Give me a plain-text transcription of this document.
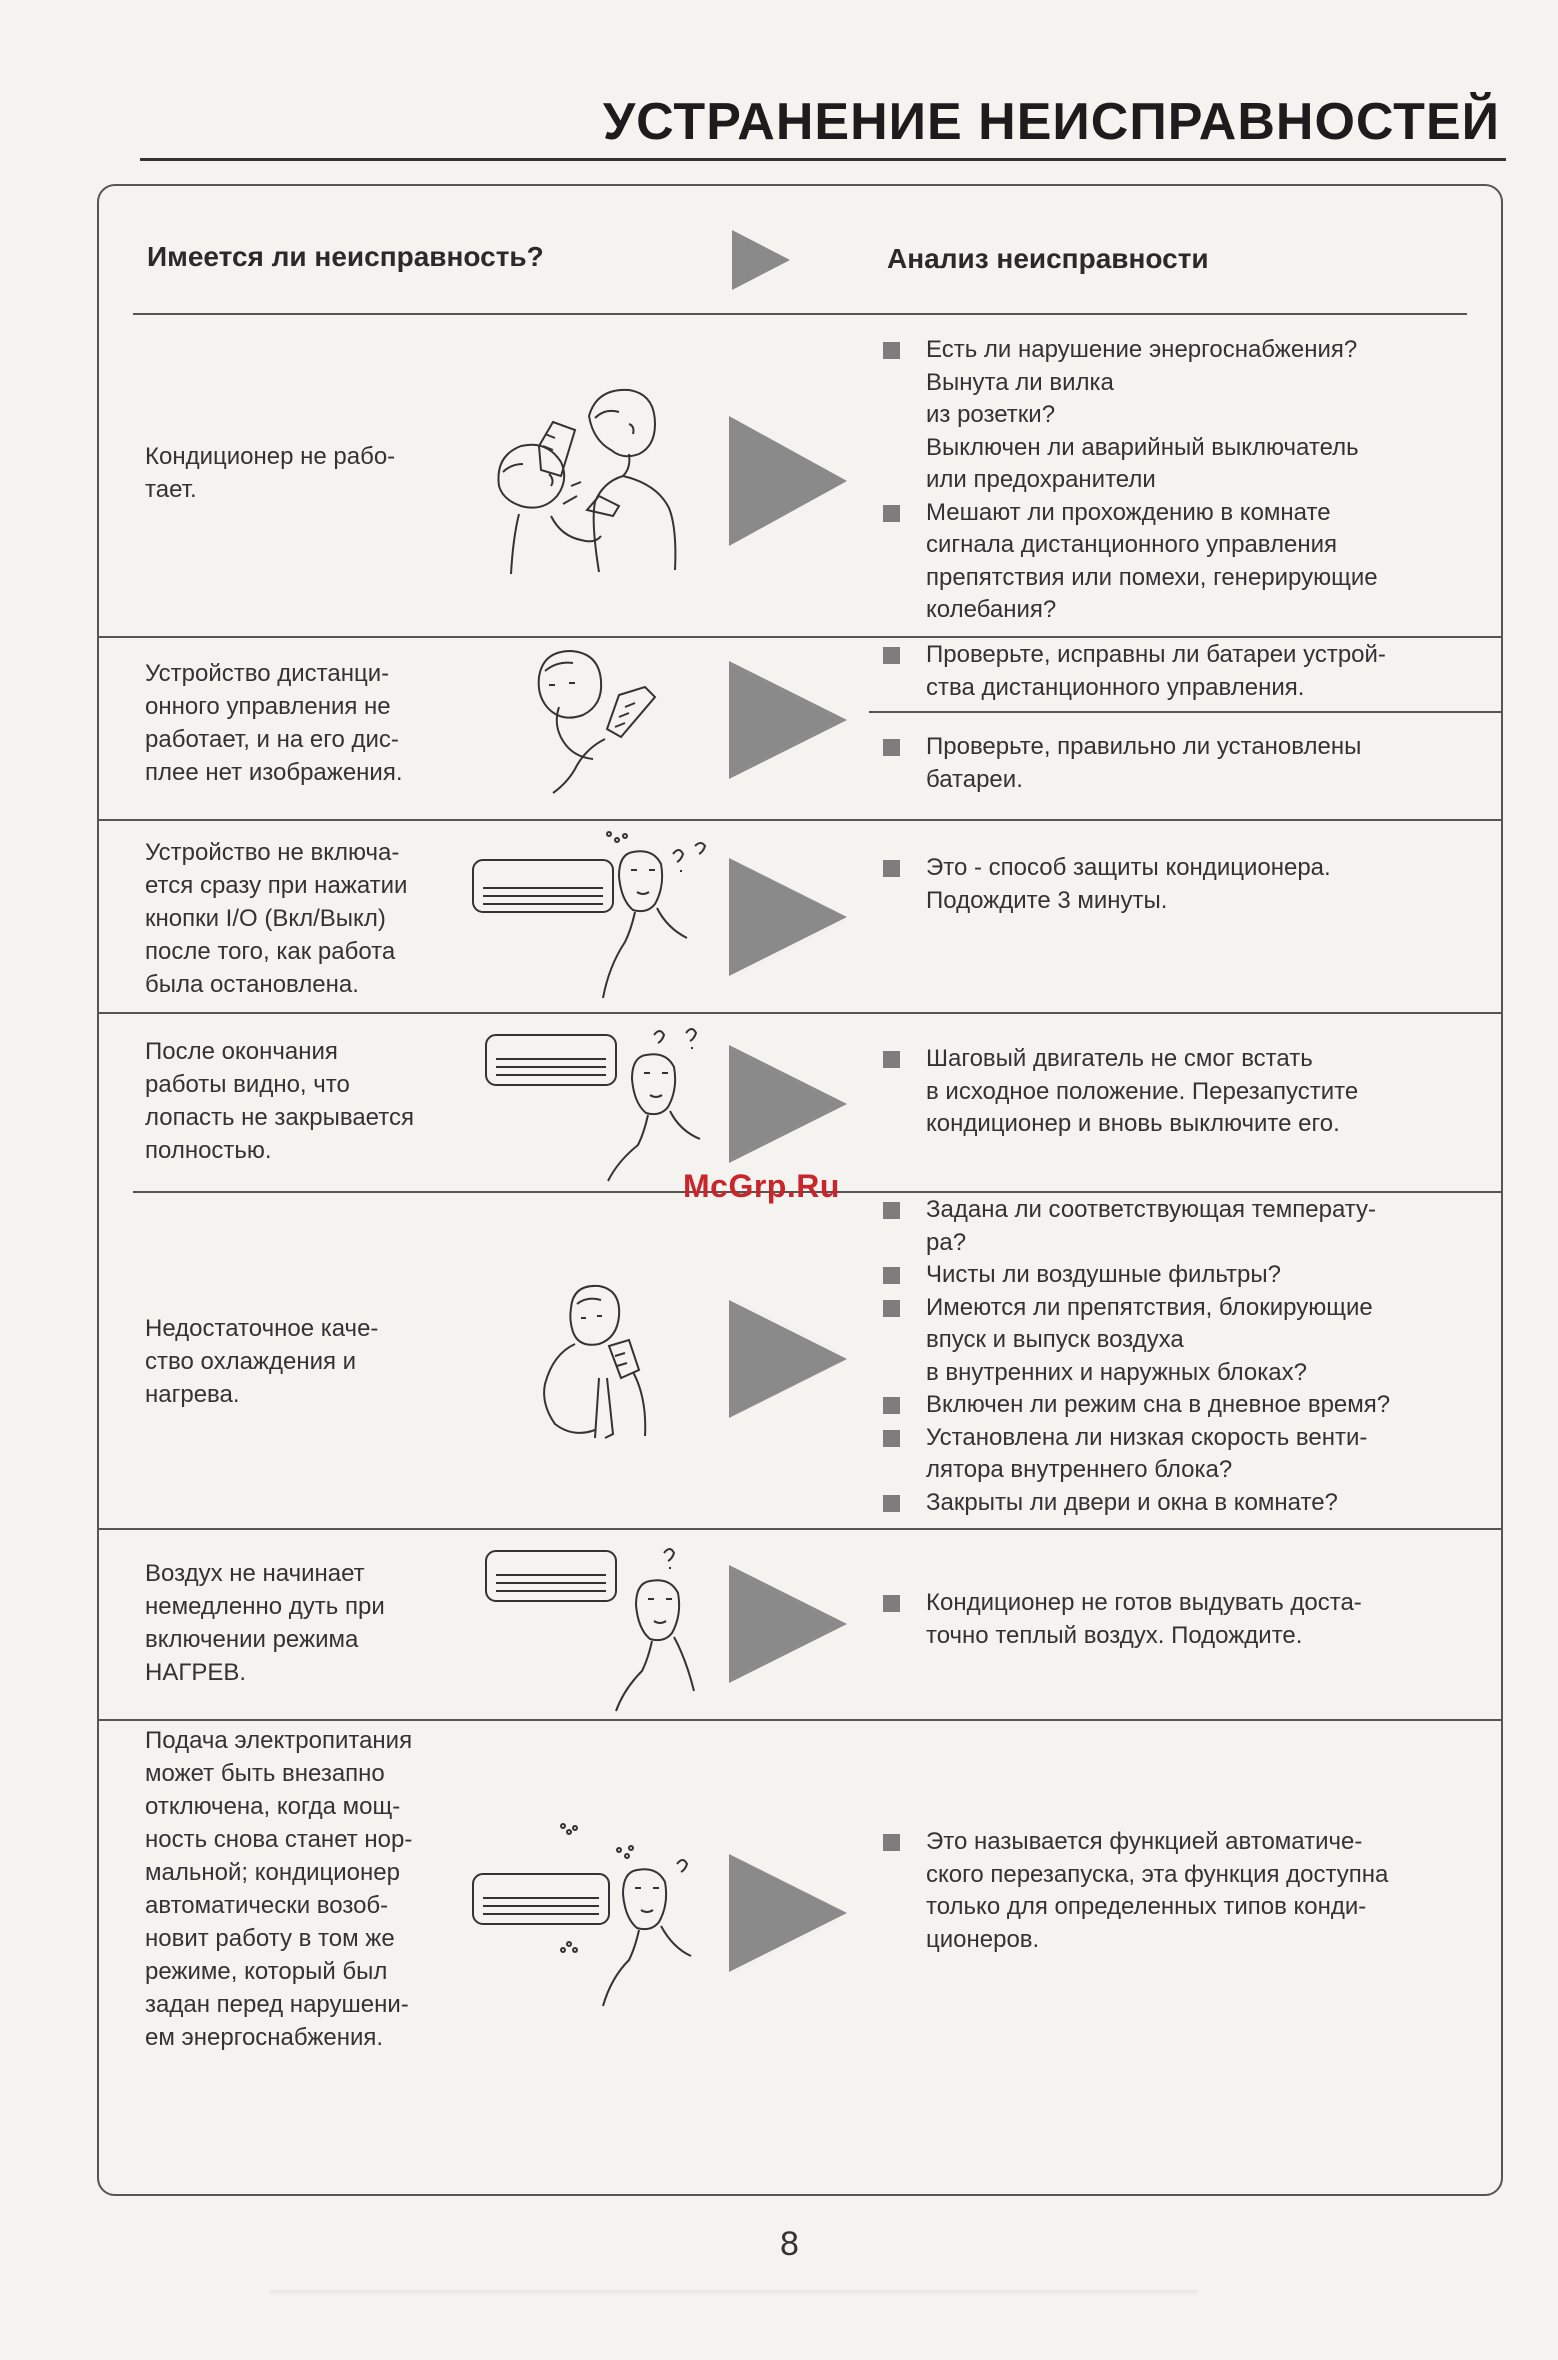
УСТРАНЕНИЕ НЕИСПРАВНОСТЕЙ
Имеется ли неисправность?	Анализ неисправности
Кондиционер не рабо-
тает.
Есть ли нарушение энергоснабжения?
Вынута ли вилка
из розетки?
Выключен ли аварийный выключатель
или предохранители
Мешают ли прохождению в комнате
сигнала дистанционного управления
препятствия или помехи, генерирующие
колебания?
Устройство дистанци-
онного управления не
работает, и на его дис-
плее нет изображения.
Проверьте, исправны ли батареи устрой-
ства дистанционного управления.
Проверьте, правильно ли установлены
батареи.
Устройство не включа-
ется сразу при нажатии
кнопки I/O (Вкл/Выкл)
после того, как работа
была остановлена.
Это - способ защиты кондиционера.
Подождите 3 минуты.
После окончания
работы видно, что
лопасть не закрывается
полностью.
Шаговый двигатель не смог встать
в исходное положение. Перезапустите
кондиционер и вновь выключите его.
Недостаточное каче-
ство охлаждения и
нагрева.
Задана ли соответствующая температу-
ра?
Чисты ли воздушные фильтры?
Имеются ли препятствия, блокирующие
впуск и выпуск воздуха
в внутренних и наружных блоках?
Включен ли режим сна в дневное время?
Установлена ли низкая скорость венти-
лятора внутреннего блока?
Закрыты ли двери и окна в комнате?
Воздух не начинает
немедленно дуть при
включении режима
НАГРЕВ.
Кондиционер не готов выдувать доста-
точно теплый воздух. Подождите.
Подача электропитания
может быть внезапно
отключена, когда мощ-
ность снова станет нор-
мальной; кондиционер
автоматически возоб-
новит работу в том же
режиме, который был
задан перед нарушени-
ем энергоснабжения.
Это называется функцией автоматиче-
ского перезапуска, эта функция доступна
только для определенных типов конди-
ционеров.
McGrp.Ru
8
